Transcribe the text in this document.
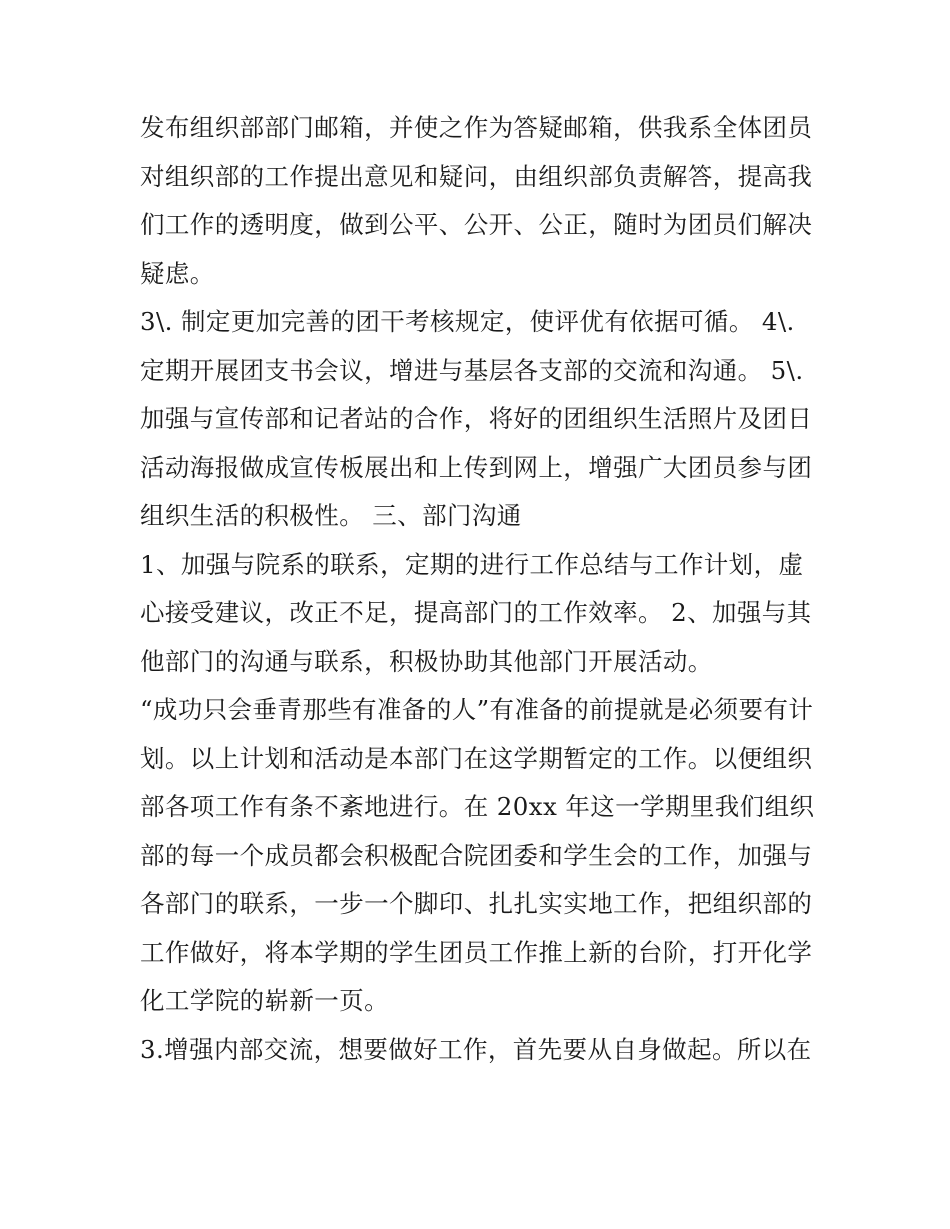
发布组织部部门邮箱，并使之作为答疑邮箱，供我系全体团员
对组织部的工作提出意见和疑问，由组织部负责解答，提高我
们工作的透明度，做到公平、公开、公正，随时为团员们解决
疑虑。
3\. 制定更加完善的团干考核规定，使评优有依据可循。 4\.
定期开展团支书会议，增进与基层各支部的交流和沟通。 5\.
加强与宣传部和记者站的合作，将好的团组织生活照片及团日
活动海报做成宣传板展出和上传到网上，增强广大团员参与团
组织生活的积极性。 三、部门沟通
1、加强与院系的联系，定期的进行工作总结与工作计划，虚
心接受建议，改正不足，提高部门的工作效率。 2、加强与其
他部门的沟通与联系，积极协助其他部门开展活动。
“成功只会垂青那些有准备的人”有准备的前提就是必须要有计
划。以上计划和活动是本部门在这学期暂定的工作。以便组织
部各项工作有条不紊地进行。在 20xx 年这一学期里我们组织
部的每一个成员都会积极配合院团委和学生会的工作，加强与
各部门的联系，一步一个脚印、扎扎实实地工作，把组织部的
工作做好，将本学期的学生团员工作推上新的台阶，打开化学
化工学院的崭新一页。
3.增强内部交流，想要做好工作，首先要从自身做起。所以在
